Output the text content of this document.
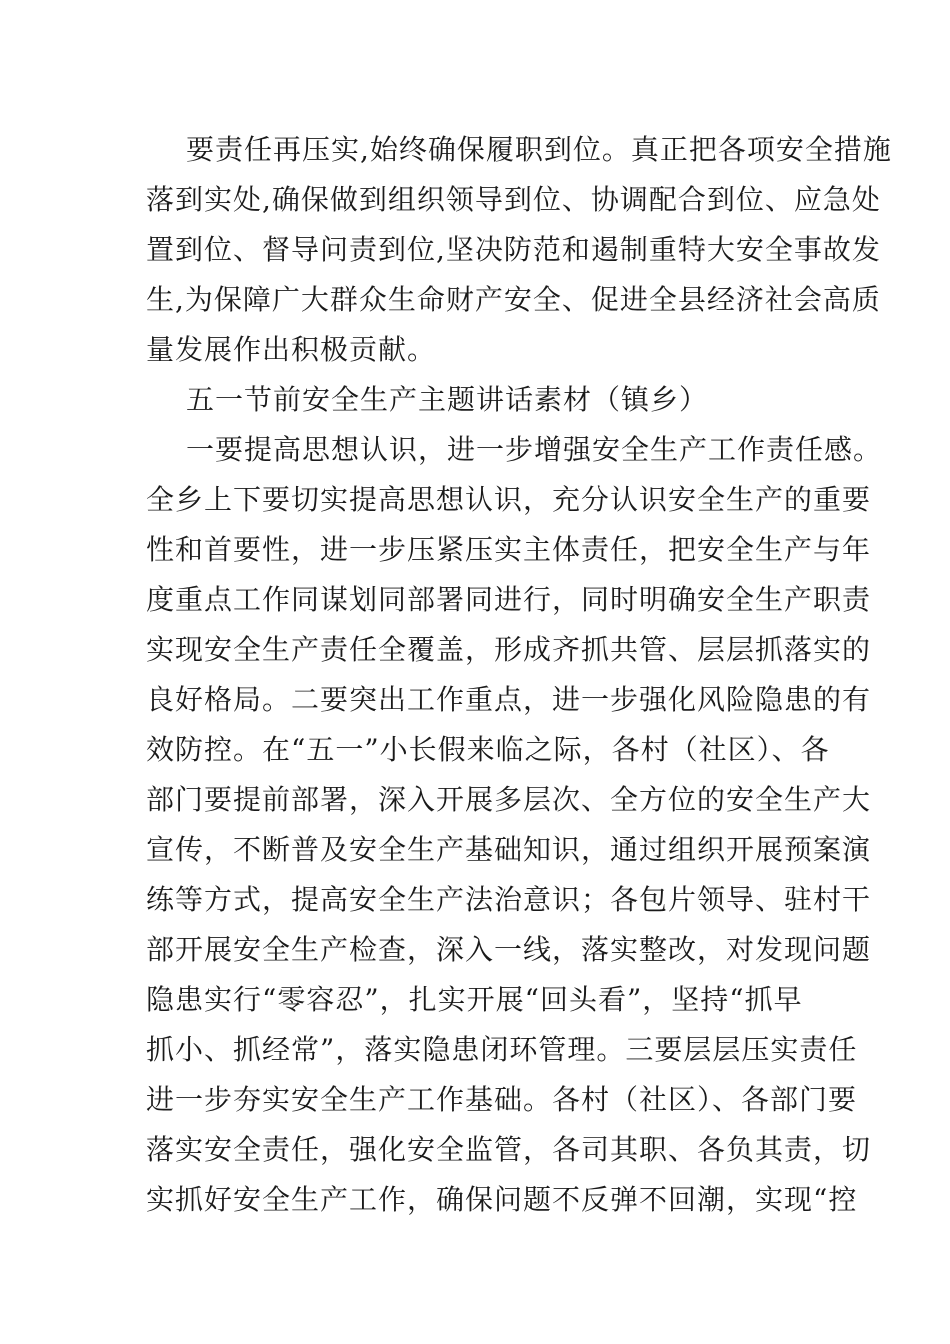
要责任再压实,始终确保履职到位。真正把各项安全措施
落到实处,确保做到组织领导到位、协调配合到位、应急处
置到位、督导问责到位,坚决防范和遏制重特大安全事故发
生,为保障广大群众生命财产安全、促进全县经济社会高质
量发展作出积极贡献。
五一节前安全生产主题讲话素材（镇乡）
一要提高思想认识，进一步增强安全生产工作责任感。
全乡上下要切实提高思想认识，充分认识安全生产的重要
性和首要性，进一步压紧压实主体责任，把安全生产与年
度重点工作同谋划同部署同进行，同时明确安全生产职责
实现安全生产责任全覆盖，形成齐抓共管、层层抓落实的
良好格局。二要突出工作重点，进一步强化风险隐患的有
效防控。在“五一”小长假来临之际，各村（社区）、各
部门要提前部署，深入开展多层次、全方位的安全生产大
宣传，不断普及安全生产基础知识，通过组织开展预案演
练等方式，提高安全生产法治意识；各包片领导、驻村干
部开展安全生产检查，深入一线，落实整改，对发现问题
隐患实行“零容忍”，扎实开展“回头看”，坚持“抓早
抓小、抓经常”，落实隐患闭环管理。三要层层压实责任
进一步夯实安全生产工作基础。各村（社区）、各部门要
落实安全责任，强化安全监管，各司其职、各负其责，切
实抓好安全生产工作，确保问题不反弹不回潮，实现“控
